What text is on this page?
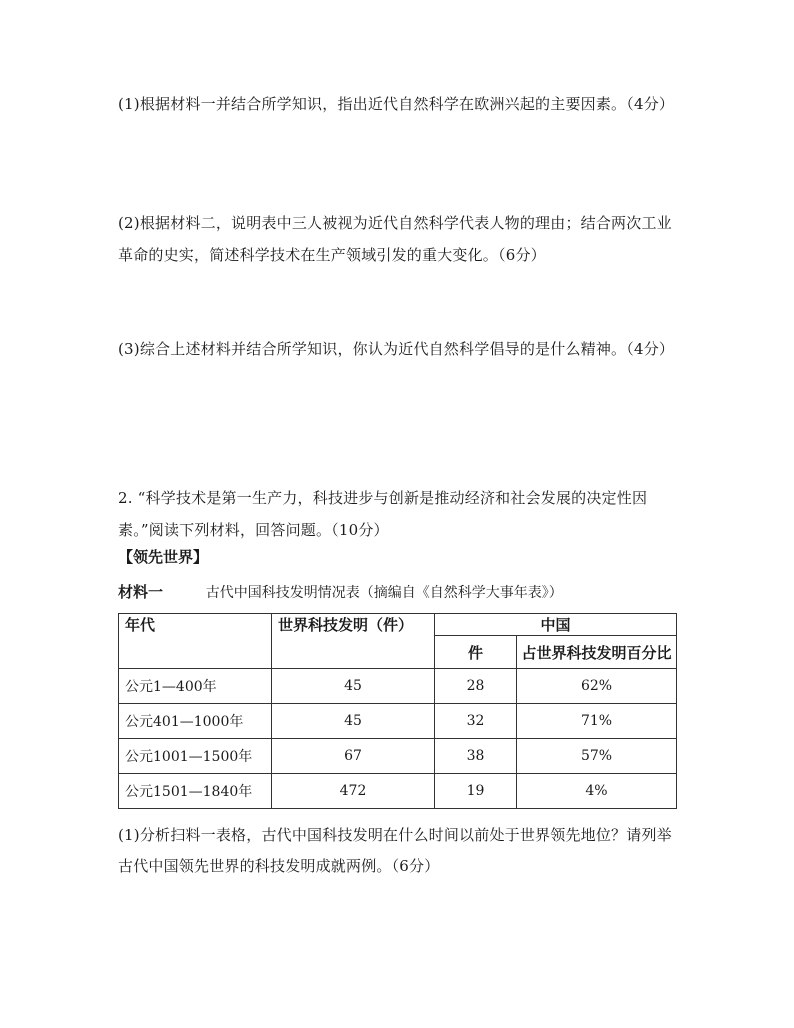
(1)根据材料一并结合所学知识，指出近代自然科学在欧洲兴起的主要因素。（4分）
(2)根据材料二，说明表中三人被视为近代自然科学代表人物的理由；结合两次工业革命的史实，简述科学技术在生产领域引发的重大变化。（6分）
(3)综合上述材料并结合所学知识，你认为近代自然科学倡导的是什么精神。（4分）
2. “科学技术是第一生产力，科技进步与创新是推动经济和社会发展的决定性因素。”阅读下列材料，回答问题。（10分）
【领先世界】
材料一	古代中国科技发明情况表（摘编自《自然科学大事年表》）
年代	世界科技发明（件）	中国	
		件	占世界科技发明百分比
公元1—400年	45	28	62%
公元401—1000年	45	32	71%
公元1001—1500年	67	38	57%
公元1501—1840年	472	19	4%
(1)分析扫料一表格，古代中国科技发明在什么时间以前处于世界领先地位？请列举古代中国领先世界的科技发明成就两例。（6分）
